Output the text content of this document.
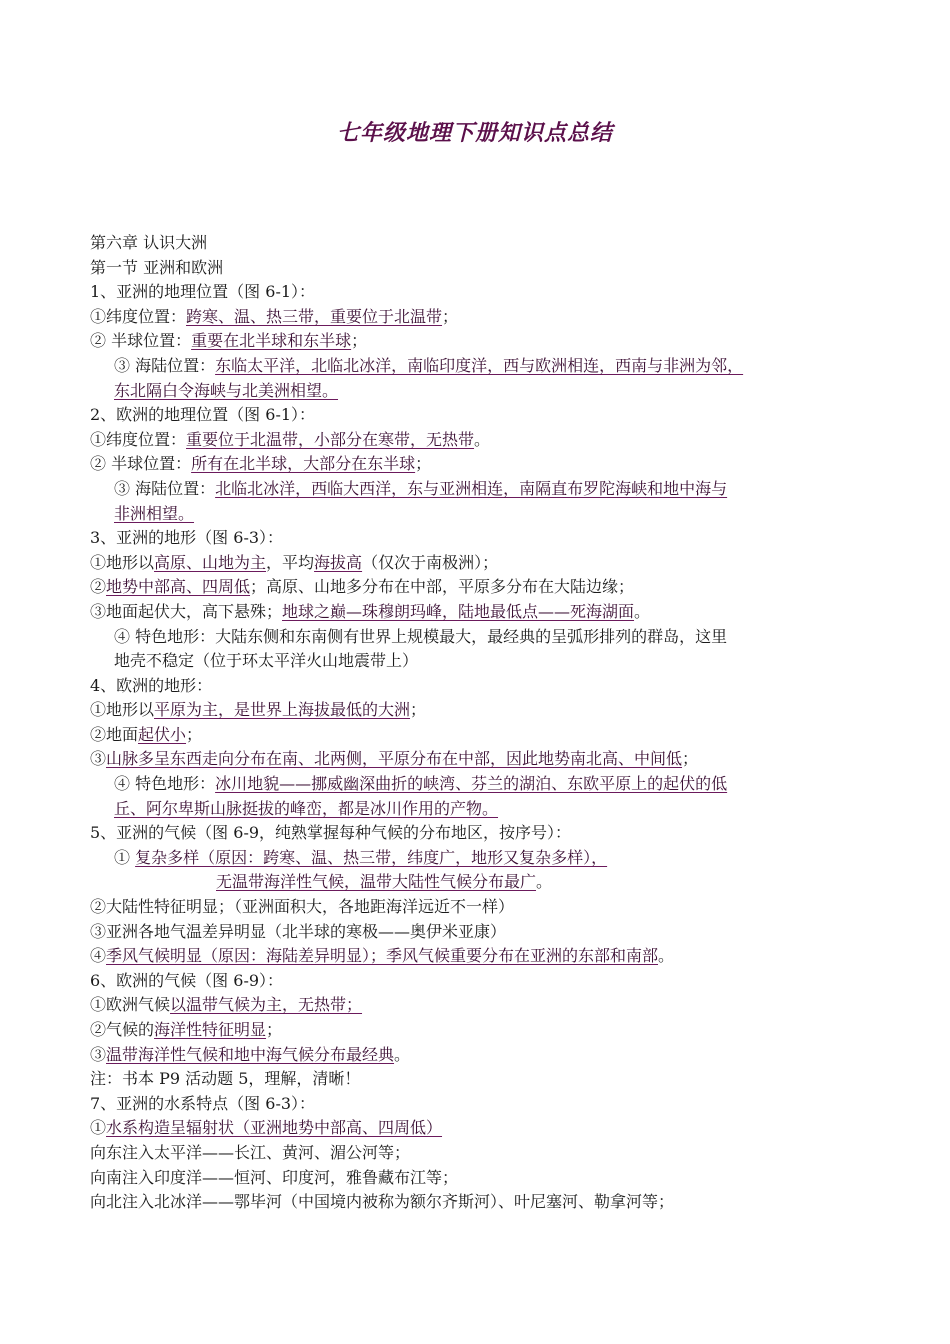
七年级地理下册知识点总结
第六章 认识大洲
第一节 亚洲和欧洲
1、亚洲的地理位置（图 6-1）：
①纬度位置：跨寒、温、热三带，重要位于北温带；
② 半球位置：重要在北半球和东半球；
③ 海陆位置：东临太平洋，北临北冰洋，南临印度洋，西与欧洲相连，西南与非洲为邻，
东北隔白令海峡与北美洲相望。
2、欧洲的地理位置（图 6-1）：
①纬度位置：重要位于北温带，小部分在寒带，无热带。
② 半球位置：所有在北半球，大部分在东半球；
③ 海陆位置：北临北冰洋，西临大西洋，东与亚洲相连，南隔直布罗陀海峡和地中海与
非洲相望。
3、亚洲的地形（图 6-3）：
①地形以高原、山地为主，平均海拔高（仅次于南极洲）；
②地势中部高、四周低；高原、山地多分布在中部，平原多分布在大陆边缘；
③地面起伏大，高下悬殊；地球之巅—珠穆朗玛峰，陆地最低点——死海湖面。
④ 特色地形：大陆东侧和东南侧有世界上规模最大，最经典的呈弧形排列的群岛，这里
地壳不稳定（位于环太平洋火山地震带上）
4、欧洲的地形：
①地形以平原为主，是世界上海拔最低的大洲；
②地面起伏小；
③山脉多呈东西走向分布在南、北两侧，平原分布在中部，因此地势南北高、中间低；
④ 特色地形：冰川地貌——挪威幽深曲折的峡湾、芬兰的湖泊、东欧平原上的起伏的低
丘、阿尔卑斯山脉挺拔的峰峦，都是冰川作用的产物。
5、亚洲的气候（图 6-9，纯熟掌握每种气候的分布地区，按序号）：
① 复杂多样（原因：跨寒、温、热三带，纬度广，地形又复杂多样），
无温带海洋性气候，温带大陆性气候分布最广。
②大陆性特征明显；（亚洲面积大，各地距海洋远近不一样）
③亚洲各地气温差异明显（北半球的寒极——奥伊米亚康）
④季风气候明显（原因：海陆差异明显）；季风气候重要分布在亚洲的东部和南部。
6、欧洲的气候（图 6-9）：
①欧洲气候以温带气候为主，无热带；
②气候的海洋性特征明显；
③温带海洋性气候和地中海气候分布最经典。
注：书本 P9 活动题 5，理解，清晰！
7、亚洲的水系特点（图 6-3）：
①水系构造呈辐射状（亚洲地势中部高、四周低）
向东注入太平洋——长江、黄河、湄公河等；
向南注入印度洋——恒河、印度河，雅鲁藏布江等；
向北注入北冰洋——鄂毕河（中国境内被称为额尔齐斯河）、叶尼塞河、勒拿河等；
